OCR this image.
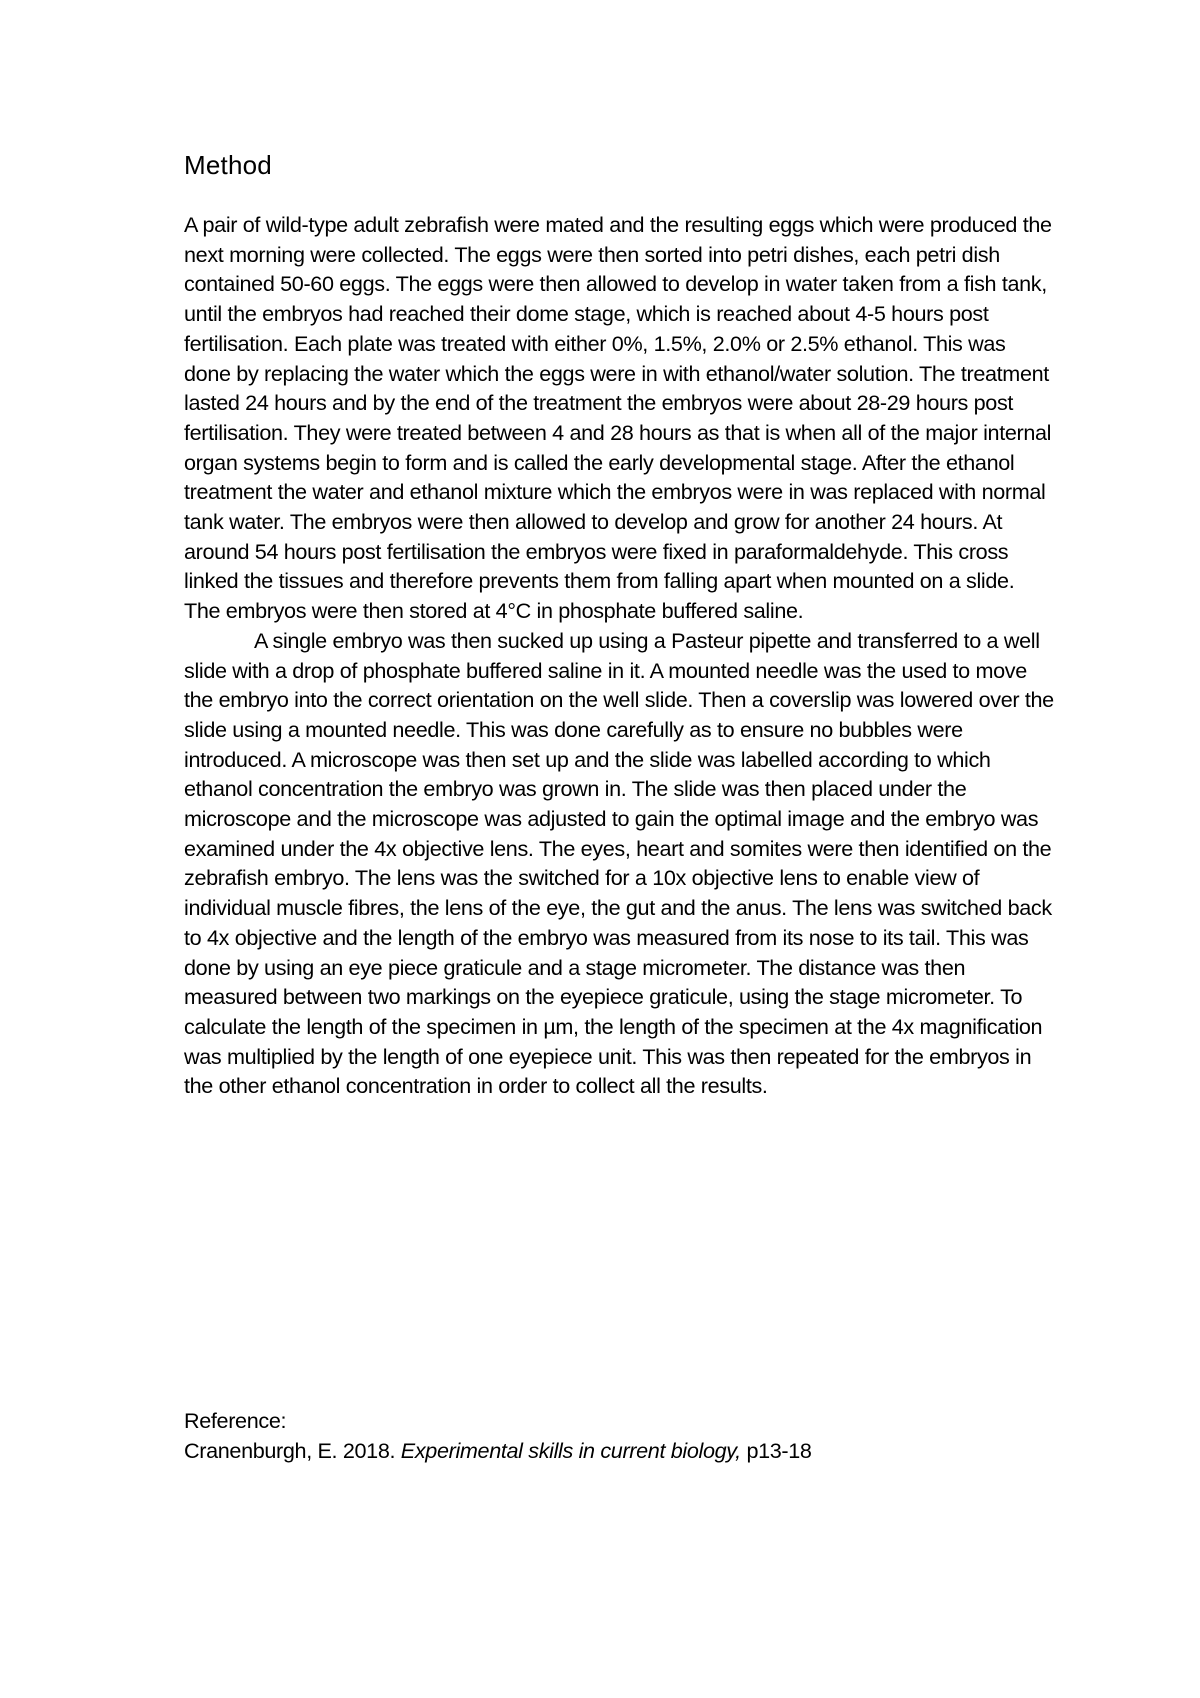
Method

A pair of wild-type adult zebrafish were mated and the resulting eggs which were produced the next morning were collected. The eggs were then sorted into petri dishes, each petri dish contained 50-60 eggs. The eggs were then allowed to develop in water taken from a fish tank, until the embryos had reached their dome stage, which is reached about 4-5 hours post fertilisation. Each plate was treated with either 0%, 1.5%, 2.0% or 2.5% ethanol. This was done by replacing the water which the eggs were in with ethanol/water solution. The treatment lasted 24 hours and by the end of the treatment the embryos were about 28-29 hours post fertilisation. They were treated between 4 and 28 hours as that is when all of the major internal organ systems begin to form and is called the early developmental stage. After the ethanol treatment the water and ethanol mixture which the embryos were in was replaced with normal tank water. The embryos were then allowed to develop and grow for another 24 hours. At around 54 hours post fertilisation the embryos were fixed in paraformaldehyde. This cross linked the tissues and therefore prevents them from falling apart when mounted on a slide. The embryos were then stored at 4°C in phosphate buffered saline.

A single embryo was then sucked up using a Pasteur pipette and transferred to a well slide with a drop of phosphate buffered saline in it. A mounted needle was the used to move the embryo into the correct orientation on the well slide. Then a coverslip was lowered over the slide using a mounted needle. This was done carefully as to ensure no bubbles were introduced. A microscope was then set up and the slide was labelled according to which ethanol concentration the embryo was grown in. The slide was then placed under the microscope and the microscope was adjusted to gain the optimal image and the embryo was examined under the 4x objective lens. The eyes, heart and somites were then identified on the zebrafish embryo. The lens was the switched for a 10x objective lens to enable view of individual muscle fibres, the lens of the eye, the gut and the anus. The lens was switched back to 4x objective and the length of the embryo was measured from its nose to its tail. This was done by using an eye piece graticule and a stage micrometer. The distance was then measured between two markings on the eyepiece graticule, using the stage micrometer. To calculate the length of the specimen in µm, the length of the specimen at the 4x magnification was multiplied by the length of one eyepiece unit. This was then repeated for the embryos in the other ethanol concentration in order to collect all the results.

Reference:

Cranenburgh, E. 2018. Experimental skills in current biology, p13-18
